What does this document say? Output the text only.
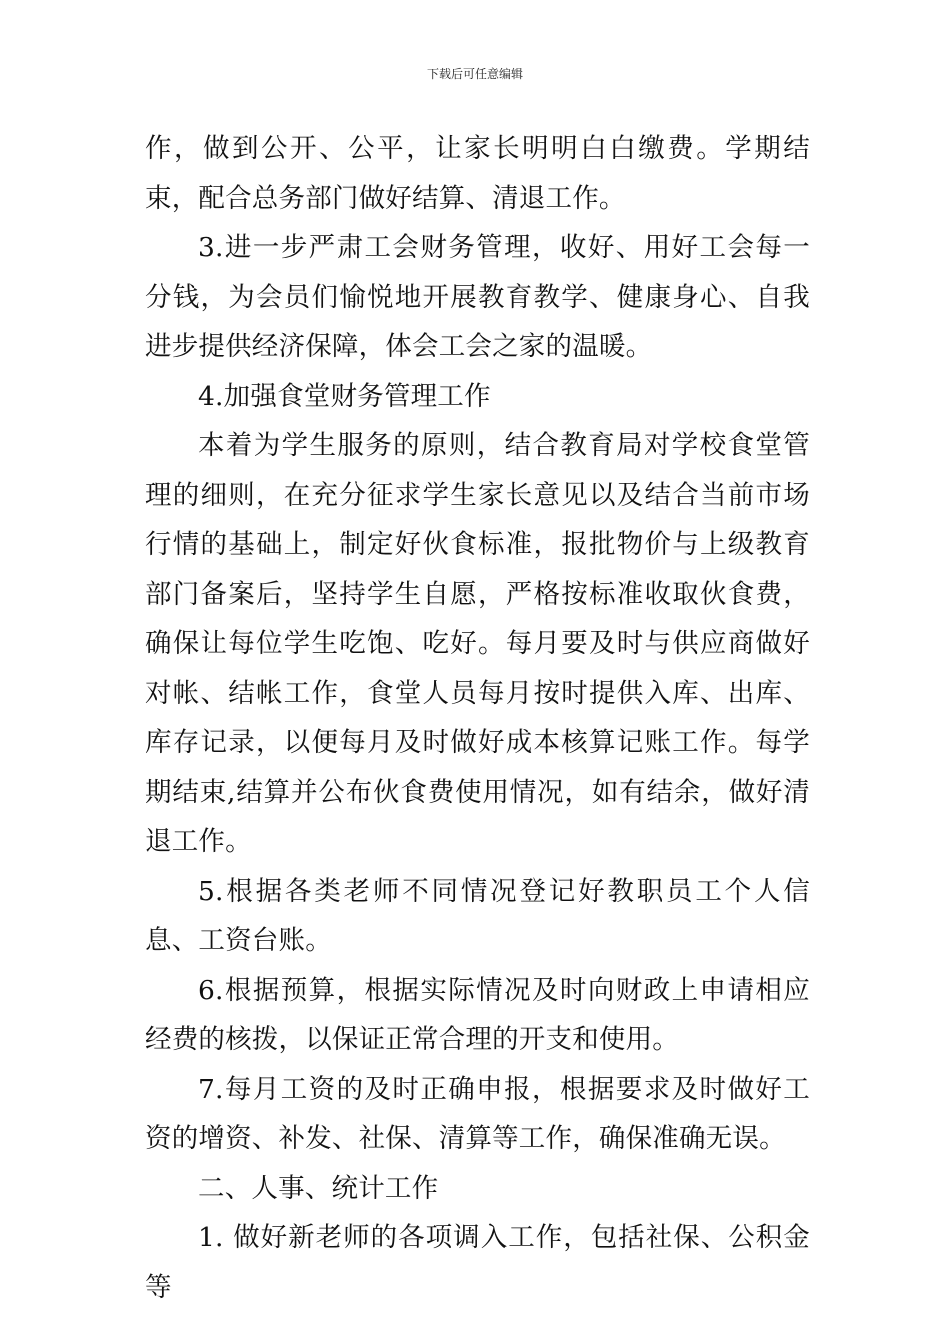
下载后可任意编辑

作，做到公开、公平，让家长明明白白缴费。学期结束，配合总务部门做好结算、清退工作。

3.进一步严肃工会财务管理，收好、用好工会每一分钱，为会员们愉悦地开展教育教学、健康身心、自我进步提供经济保障，体会工会之家的温暖。

4.加强食堂财务管理工作

本着为学生服务的原则，结合教育局对学校食堂管理的细则，在充分征求学生家长意见以及结合当前市场行情的基础上，制定好伙食标准，报批物价与上级教育部门备案后，坚持学生自愿，严格按标准收取伙食费，确保让每位学生吃饱、吃好。每月要及时与供应商做好对帐、结帐工作，食堂人员每月按时提供入库、出库、库存记录，以便每月及时做好成本核算记账工作。每学期结束,结算并公布伙食费使用情况，如有结余，做好清退工作。

5.根据各类老师不同情况登记好教职员工个人信息、工资台账。

6.根据预算，根据实际情况及时向财政上申请相应经费的核拨，以保证正常合理的开支和使用。

7.每月工资的及时正确申报，根据要求及时做好工资的增资、补发、社保、清算等工作，确保准确无误。

二、人事、统计工作

1. 做好新老师的各项调入工作，包括社保、公积金等
